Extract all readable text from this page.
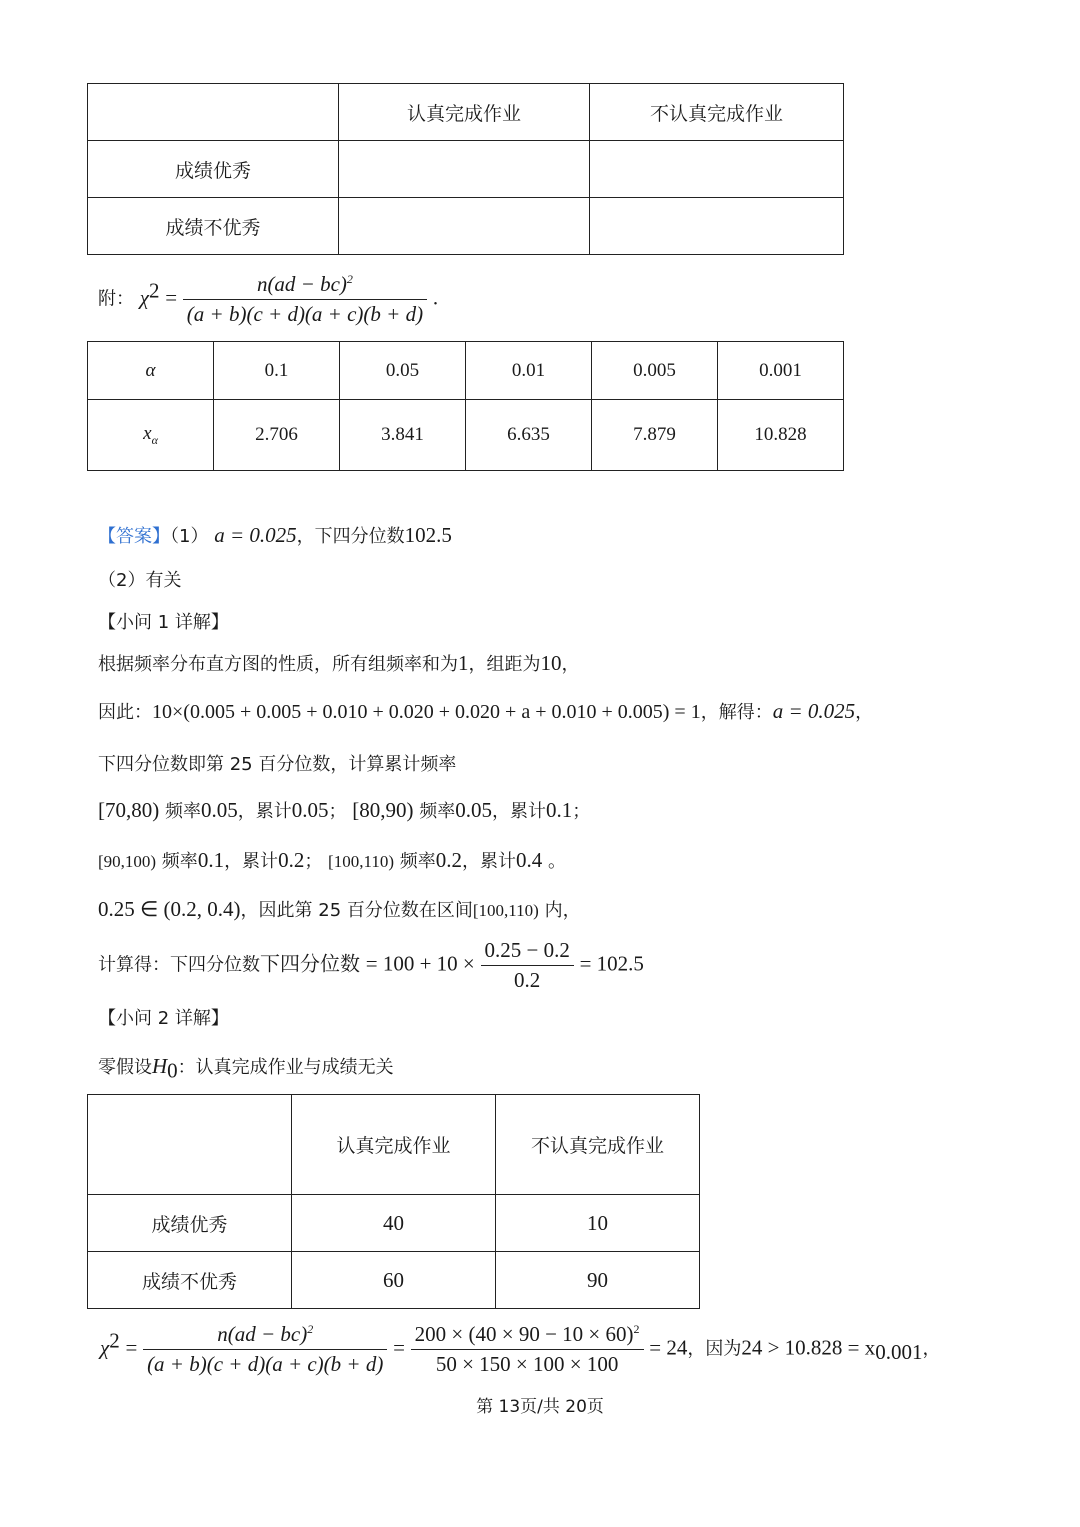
	认真完成作业	不认真完成作业
成绩优秀		
成绩不优秀		
附： $\chi^2 = \frac{n(ad - bc)^2}{(a + b)(c + d)(a + c)(b + d)}$ .
α	0.1	0.05	0.01	0.005	0.001
$x_\alpha$	2.706	3.841	6.635	7.879	10.828
【答案】（1） a = 0.025，下四分位数102.5
（2）有关
【小问 1 详解】
根据频率分布直方图的性质，所有组频率和为1，组距为10，
因此：10×(0.005 + 0.005 + 0.010 + 0.020 + 0.020 + a + 0.010 + 0.005) = 1，解得：a = 0.025，
下四分位数即第 25 百分位数，计算累计频率
[70,80) 频率0.05，累计0.05； [80,90) 频率0.05，累计0.1；
[90,100) 频率0.1，累计0.2； [100,110) 频率0.2，累计0.4 。
0.25 ∈ (0.2, 0.4)，因此第 25 百分位数在区间[100,110) 内，
计算得：下四分位数下四分位数 = $100 + 10 \times \frac{0.25 - 0.2}{0.2} = 102.5$
【小问 2 详解】
零假设$H_0$：认真完成作业与成绩无关
	认真完成作业	不认真完成作业
成绩优秀	40	10
成绩不优秀	60	90
$\chi^2 = \frac{n(ad - bc)^2}{(a + b)(c + d)(a + c)(b + d)} = \frac{200 \times (40 \times 90 - 10 \times 60)^2}{50 \times 150 \times 100 \times 100} = 24$，因为$24 > 10.828 = x_{0.001}$，
第 13页/共 20页
